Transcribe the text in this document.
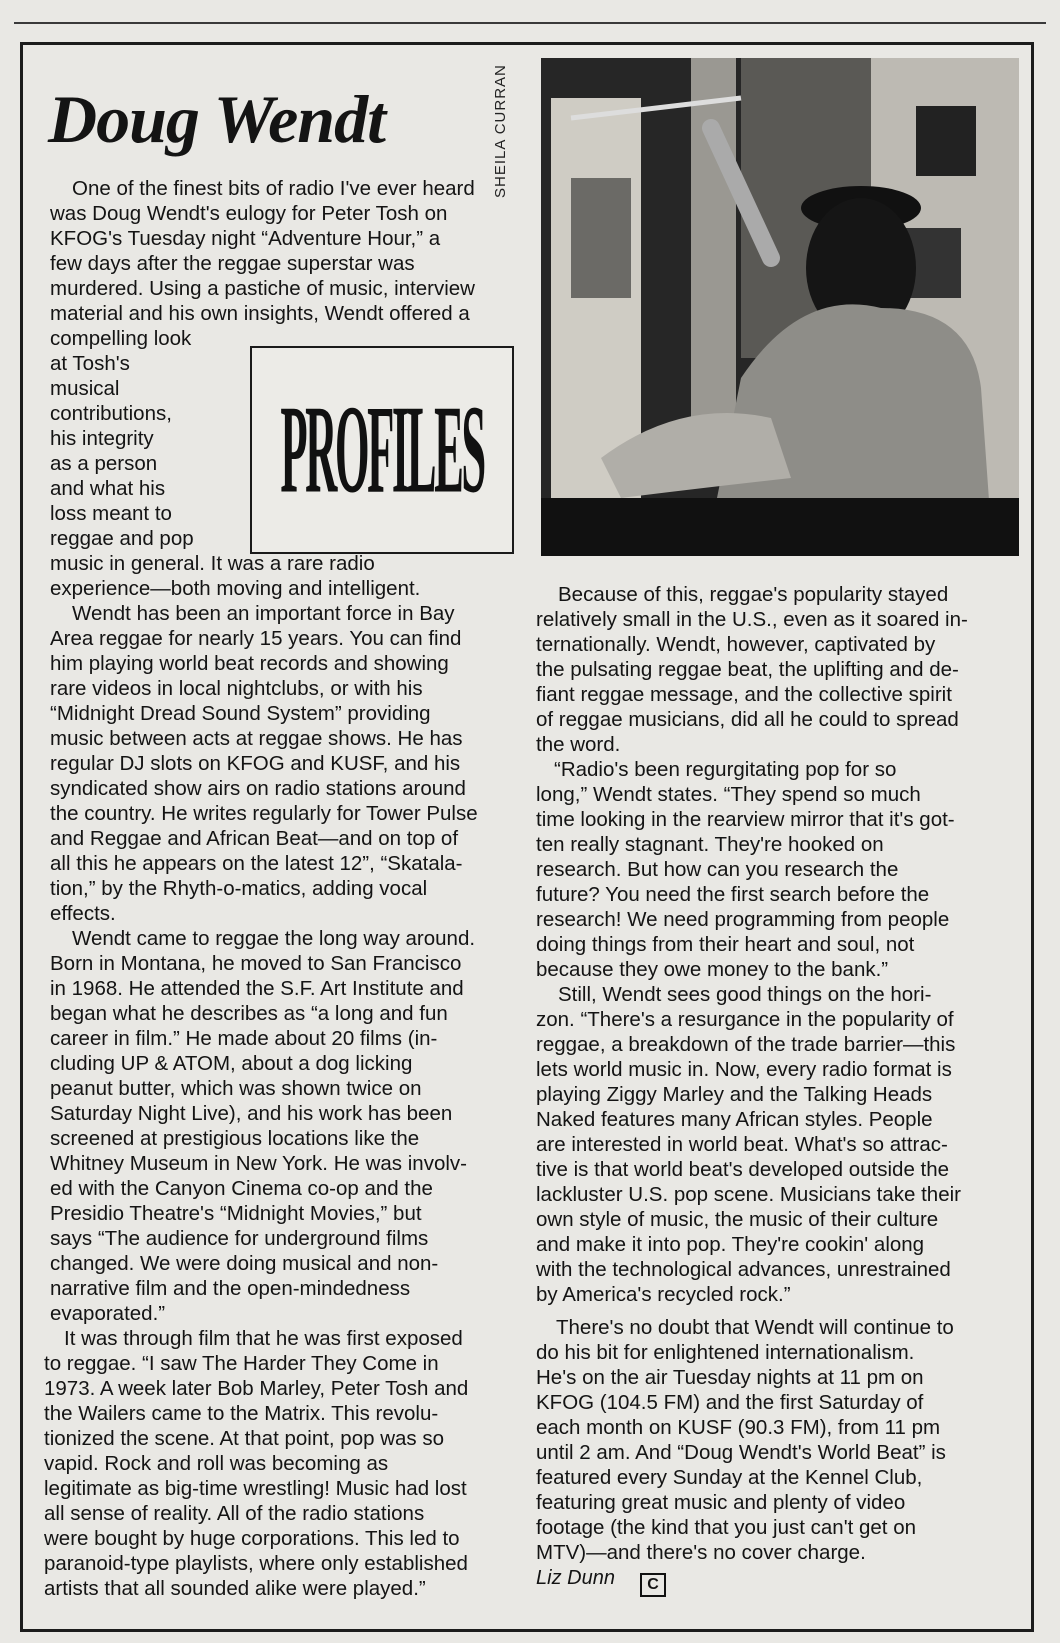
Doug Wendt	SHEILA CURRAN
PROFILES

One of the finest bits of radio I've ever heard

was Doug Wendt's eulogy for Peter Tosh on

KFOG's Tuesday night “Adventure Hour,” a

few days after the reggae superstar was

murdered. Using a pastiche of music, interview

material and his own insights, Wendt offered a

compelling look

at Tosh's

musical

contributions,

his integrity

as a person

and what his

loss meant to

reggae and pop

music in general. It was a rare radio

experience—both moving and intelligent.

Wendt has been an important force in Bay

Area reggae for nearly 15 years. You can find

him playing world beat records and showing

rare videos in local nightclubs, or with his

“Midnight Dread Sound System” providing

music between acts at reggae shows. He has

regular DJ slots on KFOG and KUSF, and his

syndicated show airs on radio stations around

the country. He writes regularly for Tower Pulse

and Reggae and African Beat—and on top of

all this he appears on the latest 12”, “Skatala-

tion,” by the Rhyth-o-matics, adding vocal

effects.

Wendt came to reggae the long way around.

Born in Montana, he moved to San Francisco

in 1968. He attended the S.F. Art Institute and

began what he describes as “a long and fun

career in film.” He made about 20 films (in-

cluding UP & ATOM, about a dog licking

peanut butter, which was shown twice on

Saturday Night Live), and his work has been

screened at prestigious locations like the

Whitney Museum in New York. He was involv-

ed with the Canyon Cinema co-op and the

Presidio Theatre's “Midnight Movies,” but

says “The audience for underground films

changed. We were doing musical and non-

narrative film and the open-mindedness

evaporated.”

It was through film that he was first exposed

to reggae. “I saw The Harder They Come in

1973. A week later Bob Marley, Peter Tosh and

the Wailers came to the Matrix. This revolu-

tionized the scene. At that point, pop was so

vapid. Rock and roll was becoming as

legitimate as big-time wrestling! Music had lost

all sense of reality. All of the radio stations

were bought by huge corporations. This led to

paranoid-type playlists, where only established

artists that all sounded alike were played.”

Because of this, reggae's popularity stayed

relatively small in the U.S., even as it soared in-

ternationally. Wendt, however, captivated by

the pulsating reggae beat, the uplifting and de-

fiant reggae message, and the collective spirit

of reggae musicians, did all he could to spread

the word.

“Radio's been regurgitating pop for so

long,” Wendt states. “They spend so much

time looking in the rearview mirror that it's got-

ten really stagnant. They're hooked on

research. But how can you research the

future? You need the first search before the

research! We need programming from people

doing things from their heart and soul, not

because they owe money to the bank.”

Still, Wendt sees good things on the hori-

zon. “There's a resurgance in the popularity of

reggae, a breakdown of the trade barrier—this

lets world music in. Now, every radio format is

playing Ziggy Marley and the Talking Heads

Naked features many African styles. People

are interested in world beat. What's so attrac-

tive is that world beat's developed outside the

lackluster U.S. pop scene. Musicians take their

own style of music, the music of their culture

and make it into pop. They're cookin' along

with the technological advances, unrestrained

by America's recycled rock.”

There's no doubt that Wendt will continue to

do his bit for enlightened internationalism.

He's on the air Tuesday nights at 11 pm on

KFOG (104.5 FM) and the first Saturday of

each month on KUSF (90.3 FM), from 11 pm

until 2 am. And “Doug Wendt's World Beat” is

featured every Sunday at the Kennel Club,

featuring great music and plenty of video

footage (the kind that you just can't get on

MTV)—and there's no cover charge.

Liz Dunn	C
